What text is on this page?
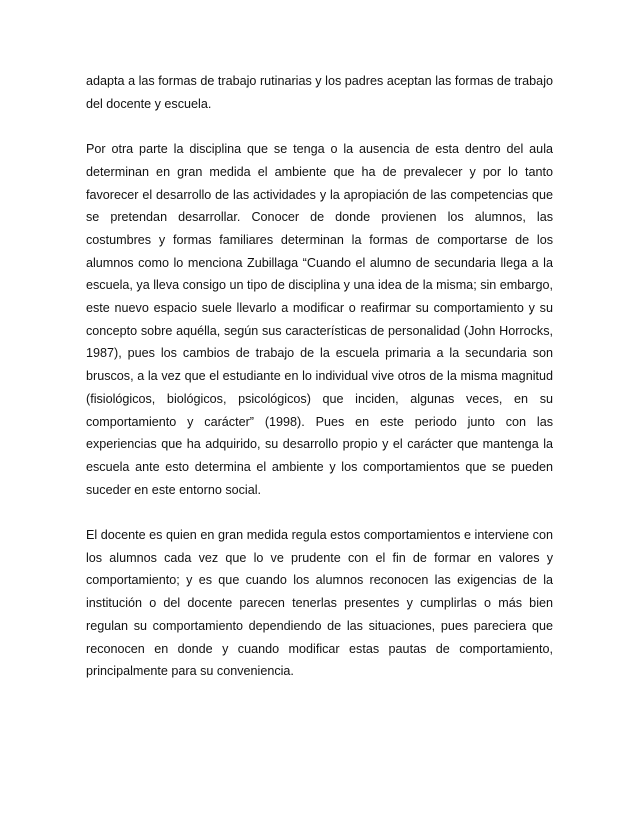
adapta a las formas de trabajo rutinarias y los padres aceptan las formas de trabajo del docente y escuela.

Por otra parte la disciplina que se tenga o la ausencia de esta dentro del aula determinan en gran medida el ambiente que ha de prevalecer y por lo tanto favorecer el desarrollo de las actividades y la apropiación de las competencias que se pretendan desarrollar. Conocer de donde provienen los alumnos, las costumbres y formas familiares determinan la formas de comportarse de los alumnos como lo menciona Zubillaga “Cuando el alumno de secundaria llega a la escuela, ya lleva consigo un tipo de disciplina y una idea de la misma; sin embargo, este nuevo espacio suele llevarlo a modificar o reafirmar su comportamiento y su concepto sobre aquélla, según sus características de personalidad (John Horrocks, 1987), pues los cambios de trabajo de la escuela primaria a la secundaria son bruscos, a la vez que el estudiante en lo individual vive otros de la misma magnitud (fisiológicos, biológicos, psicológicos) que inciden, algunas veces, en su comportamiento y carácter” (1998). Pues en este periodo junto con las experiencias que ha adquirido, su desarrollo propio y el carácter que mantenga la escuela ante esto determina el ambiente y los comportamientos que se pueden suceder en este entorno social.

El docente es quien en gran medida regula estos comportamientos e interviene con los alumnos cada vez que lo ve prudente con el fin de formar en valores y comportamiento; y es que cuando los alumnos reconocen las exigencias de la institución o del docente parecen tenerlas presentes y cumplirlas o más bien regulan su comportamiento dependiendo de las situaciones, pues pareciera que reconocen en donde y cuando modificar estas pautas de comportamiento, principalmente para su conveniencia.
